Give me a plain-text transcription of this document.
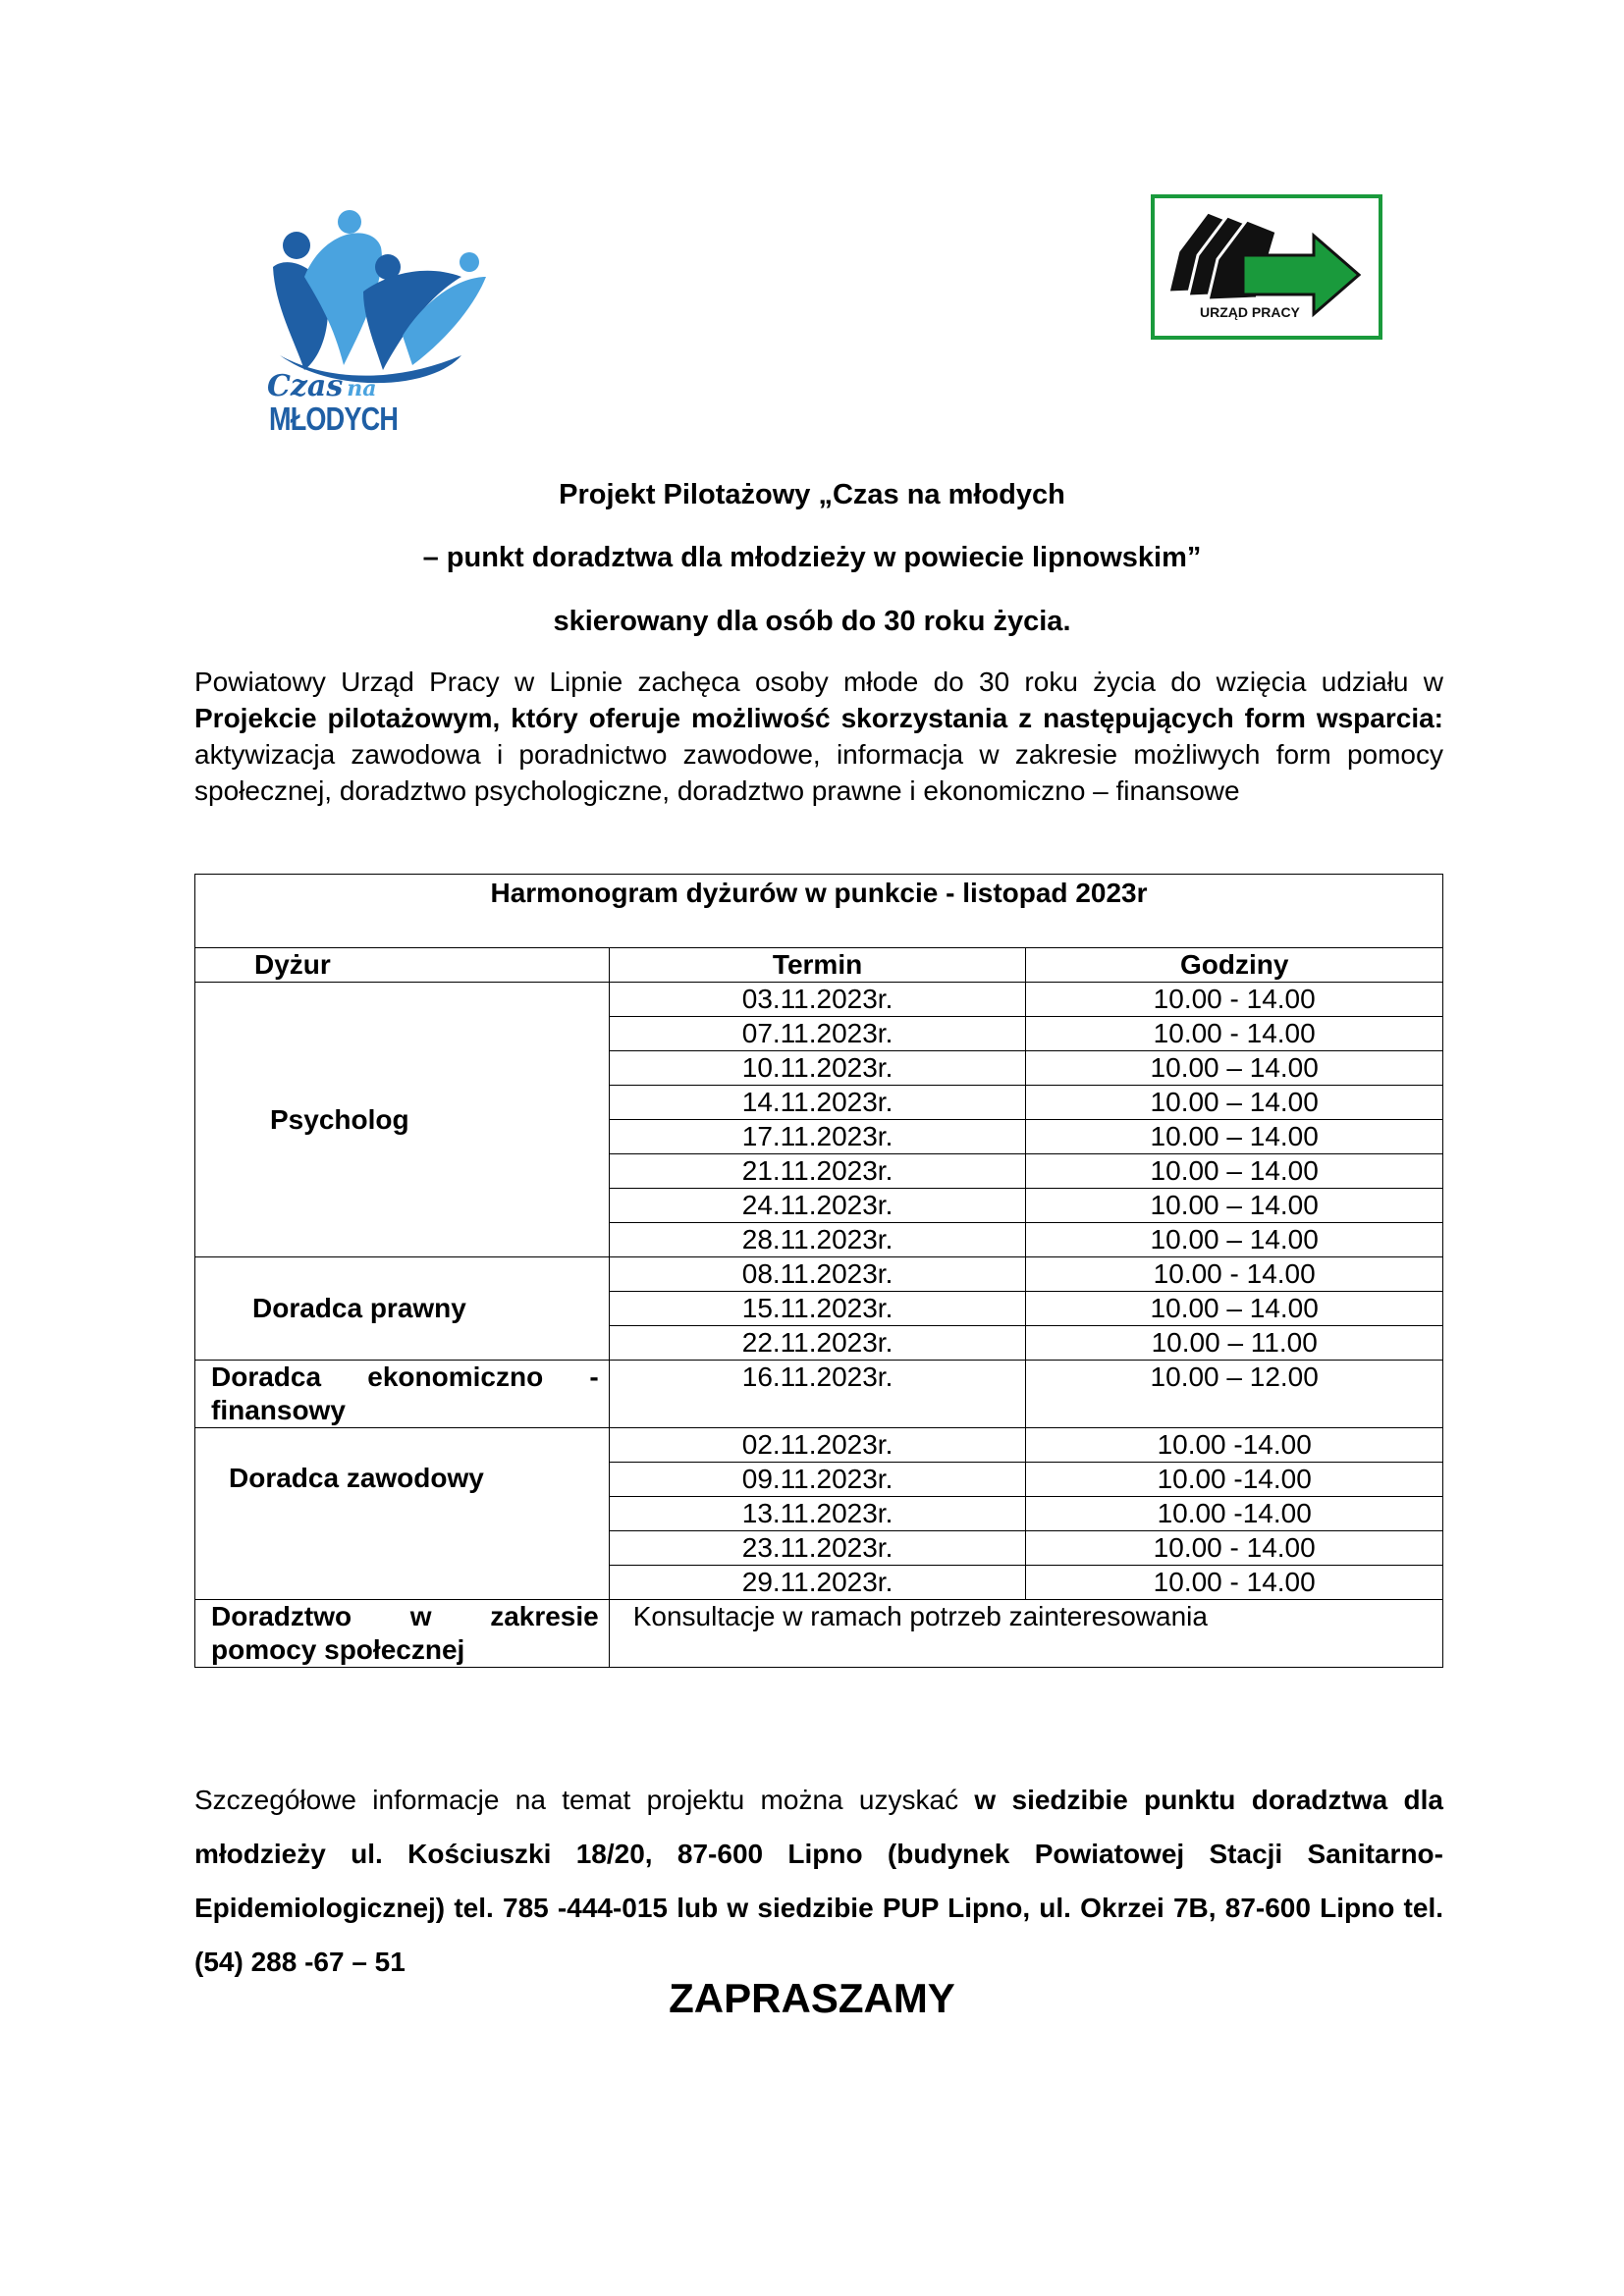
Czas na
MŁODYCH
URZĄD PRACY
Projekt Pilotażowy „Czas na młodych
– punkt doradztwa dla młodzieży w powiecie lipnowskim”
skierowany dla osób do 30 roku życia.
Powiatowy Urząd Pracy w Lipnie zachęca osoby młode do 30 roku życia do wzięcia udziału w Projekcie pilotażowym, który oferuje możliwość skorzystania z następujących form wsparcia: aktywizacja zawodowa i poradnictwo zawodowe, informacja w zakresie możliwych form pomocy społecznej, doradztwo psychologiczne, doradztwo prawne i ekonomiczno – finansowe
Harmonogram dyżurów w punkcie - listopad 2023r		
Dyżur	Termin	Godziny
Psycholog	03.11.2023r.	10.00 - 14.00
	07.11.2023r.	10.00 - 14.00
	10.11.2023r.	10.00 – 14.00
	14.11.2023r.	10.00 – 14.00
	17.11.2023r.	10.00 – 14.00
	21.11.2023r.	10.00 – 14.00
	24.11.2023r.	10.00 – 14.00
	28.11.2023r.	10.00 – 14.00
Doradca prawny	08.11.2023r.	10.00 - 14.00
	15.11.2023r.	10.00 – 14.00
	22.11.2023r.	10.00 – 11.00

Doradca ekonomiczno -
finansowy	16.11.2023r.	10.00 – 12.00
Doradca zawodowy	02.11.2023r.	10.00 -14.00
	09.11.2023r.	10.00 -14.00
	13.11.2023r.	10.00 -14.00
	23.11.2023r.	10.00 - 14.00
	29.11.2023r.	10.00 - 14.00

Doradztwo w zakresie
pomocy społecznej	Konsultacje w ramach potrzeb zainteresowania	
Szczegółowe informacje na temat projektu można uzyskać w siedzibie punktu doradztwa dla młodzieży ul. Kościuszki 18/20, 87-600 Lipno (budynek Powiatowej Stacji Sanitarno- Epidemiologicznej) tel. 785 -444-015 lub w siedzibie PUP Lipno, ul. Okrzei 7B, 87-600 Lipno tel. (54) 288 -67 – 51
ZAPRASZAMY
